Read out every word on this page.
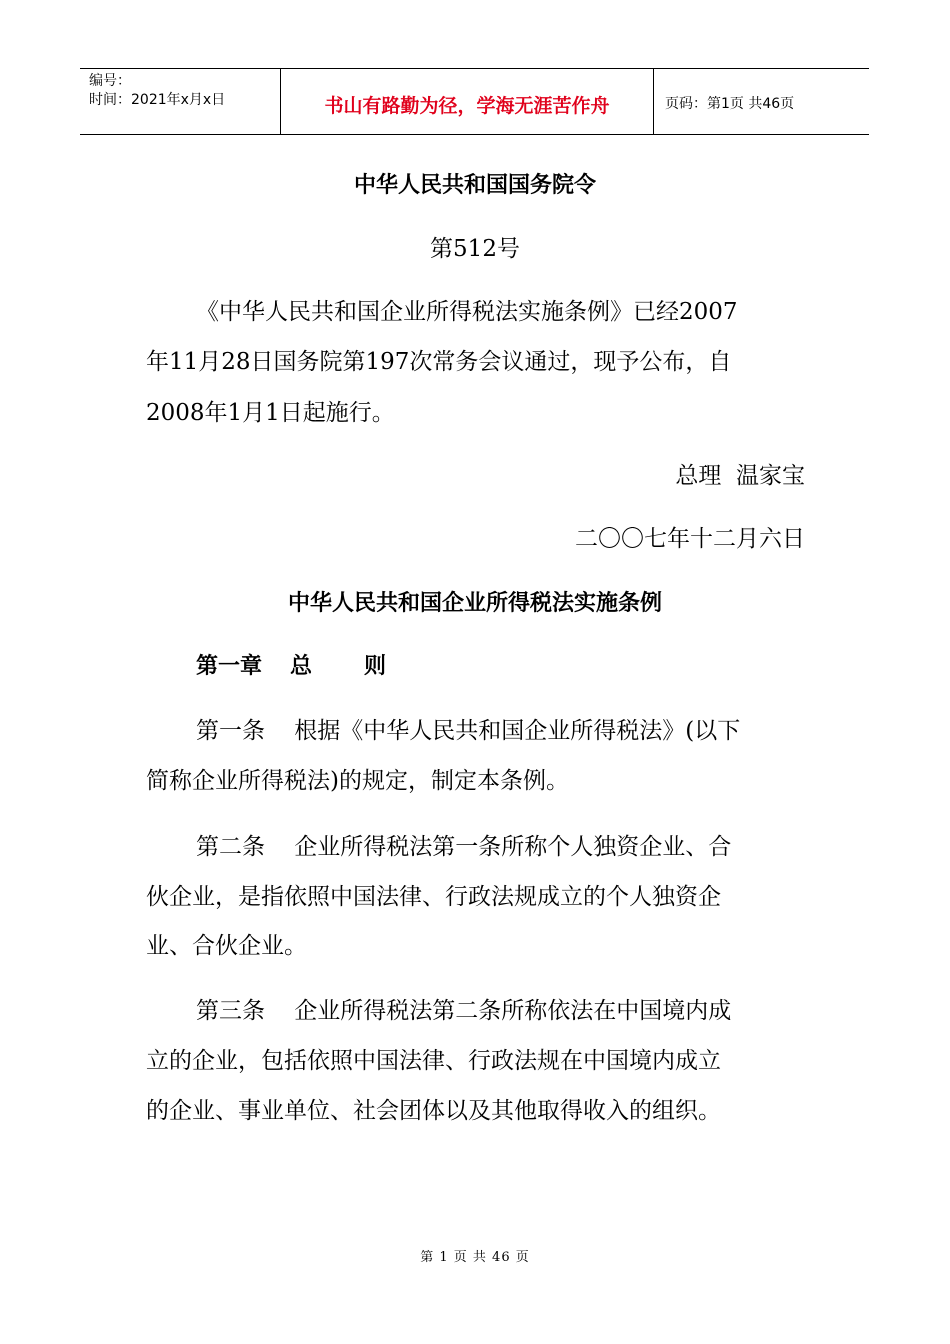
编号：
时间：2021年x月x日	书山有路勤为径，学海无涯苦作舟	页码：第1页 共46页
中华人民共和国国务院令
第512号
《中华人民共和国企业所得税法实施条例》已经2007
年11月28日国务院第197次常务会议通过，现予公布，自
2008年1月1日起施行。
总理  温家宝
二〇〇七年十二月六日
中华人民共和国企业所得税法实施条例
第一章 总 则
第一条    根据《中华人民共和国企业所得税法》(以下
简称企业所得税法)的规定，制定本条例。
第二条    企业所得税法第一条所称个人独资企业、合
伙企业，是指依照中国法律、行政法规成立的个人独资企
业、合伙企业。
第三条    企业所得税法第二条所称依法在中国境内成
立的企业，包括依照中国法律、行政法规在中国境内成立
的企业、事业单位、社会团体以及其他取得收入的组织。
第 1 页 共 46 页
